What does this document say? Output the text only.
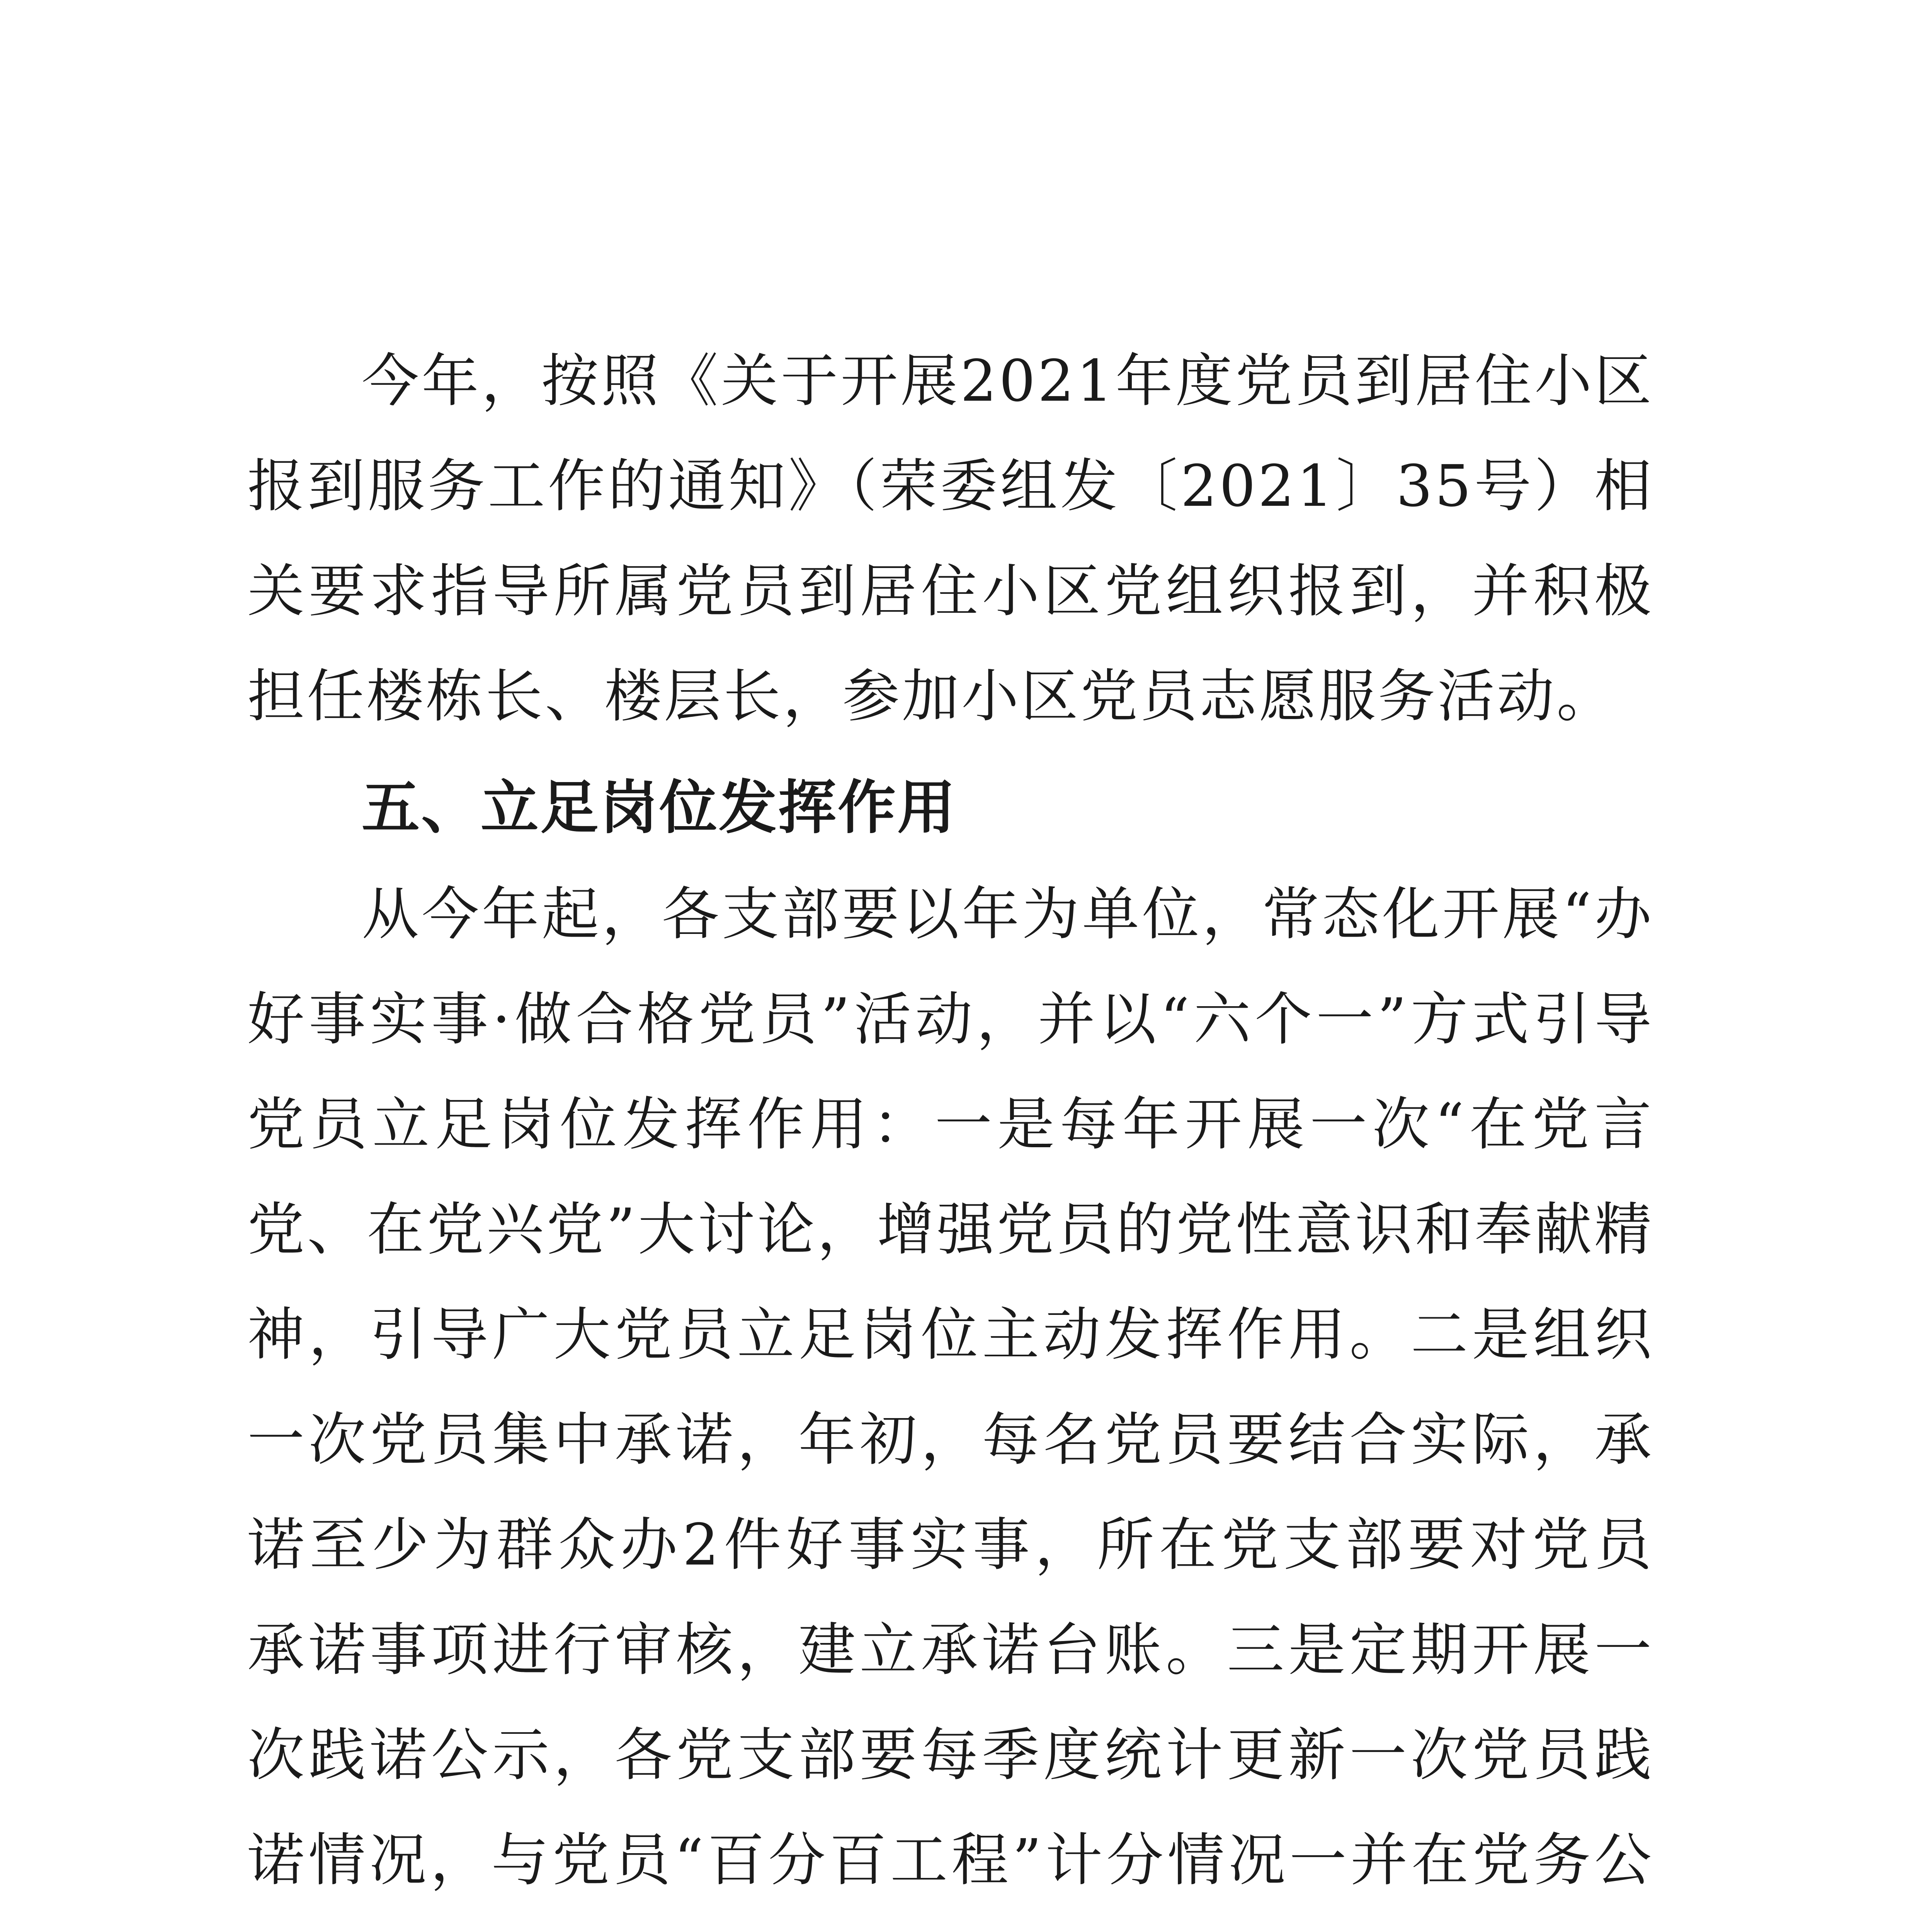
今年，按照《关于开展2021年度党员到居住小区报到服务工作的通知》（荣委组发〔2021〕35号）相关要求指导所属党员到居住小区党组织报到，并积极担任楼栋长、楼层长，参加小区党员志愿服务活动。

五、立足岗位发挥作用

从今年起，各支部要以年为单位，常态化开展“办好事实事·做合格党员”活动，并以“六个一”方式引导党员立足岗位发挥作用：一是每年开展一次“在党言党、在党兴党”大讨论，增强党员的党性意识和奉献精神，引导广大党员立足岗位主动发挥作用。二是组织一次党员集中承诺，年初，每名党员要结合实际，承诺至少为群众办2件好事实事，所在党支部要对党员承诺事项进行审核，建立承诺台账。三是定期开展一次践诺公示，各党支部要每季度统计更新一次党员践诺情况，与党员“百分百工程”计分情况一并在党务公
